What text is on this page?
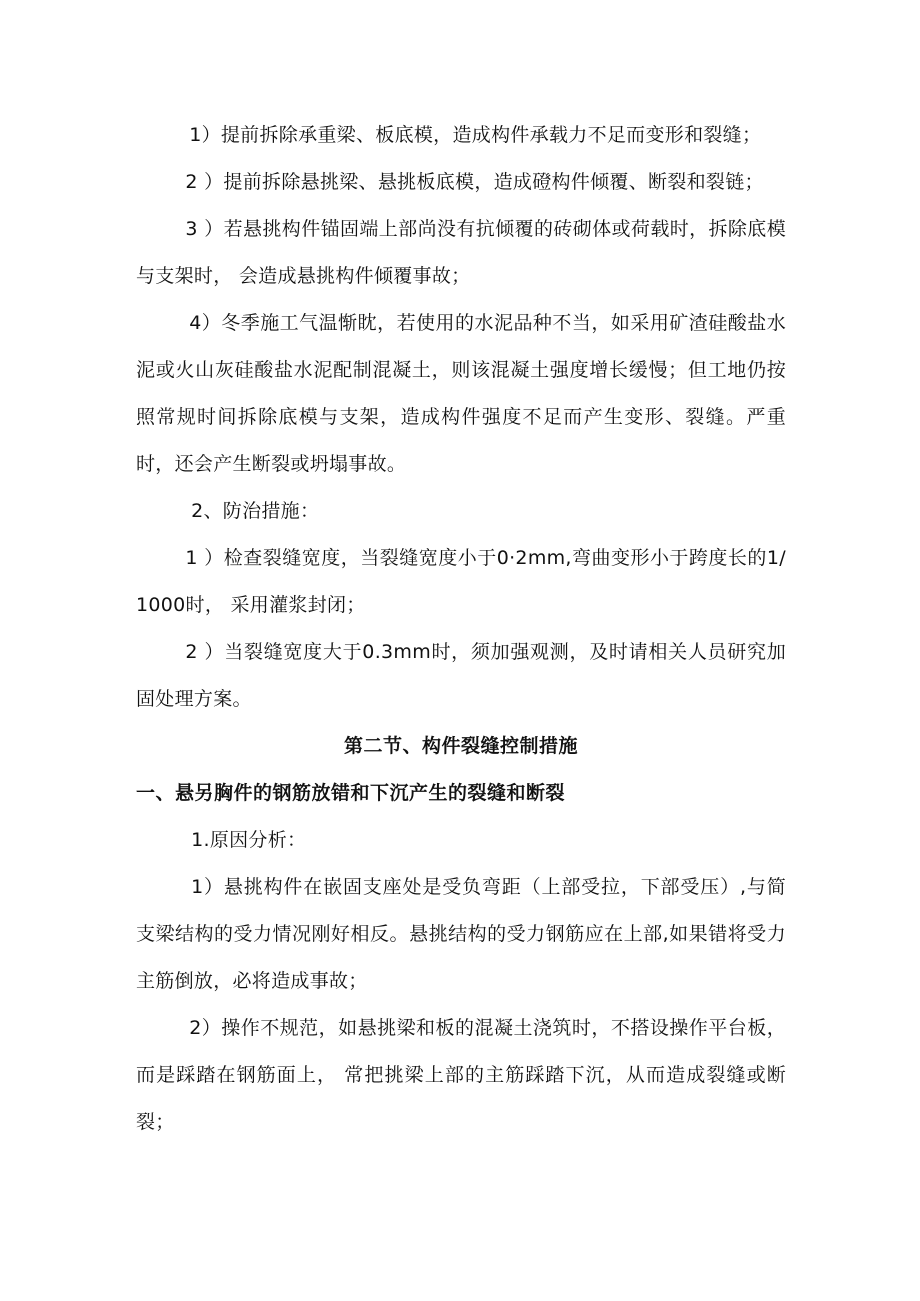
1）提前拆除承重梁、板底模，造成构件承载力不足而变形和裂缝；

2 ）提前拆除悬挑梁、悬挑板底模，造成磴构件倾覆、断裂和裂链；

3 ）若悬挑构件锚固端上部尚没有抗倾覆的砖砌体或荷载时，拆除底模与支架时， 会造成悬挑构件倾覆事故；

4）冬季施工气温惭眈，若使用的水泥品种不当，如采用矿渣硅酸盐水泥或火山灰硅酸盐水泥配制混凝土，则该混凝土强度增长缓慢；但工地仍按照常规时间拆除底模与支架，造成构件强度不足而产生变形、裂缝。严重时，还会产生断裂或坍塌事故。

2、防治措施：

1 ）检查裂缝宽度，当裂缝宽度小于0·2mm,弯曲变形小于跨度长的1/1000时， 采用灌浆封闭；

2 ）当裂缝宽度大于0.3mm时，须加强观测，及时请相关人员研究加固处理方案。

第二节、构件裂缝控制措施

一、悬另胸件的钢筋放错和下沉产生的裂缝和断裂

1.原因分析：

1）悬挑构件在嵌固支座处是受负弯距（上部受拉，下部受压）,与简支梁结构的受力情况刚好相反。悬挑结构的受力钢筋应在上部,如果错将受力主筋倒放，必将造成事故；

2）操作不规范，如悬挑梁和板的混凝土浇筑时，不搭设操作平台板，而是踩踏在钢筋面上， 常把挑梁上部的主筋踩踏下沉，从而造成裂缝或断裂；
